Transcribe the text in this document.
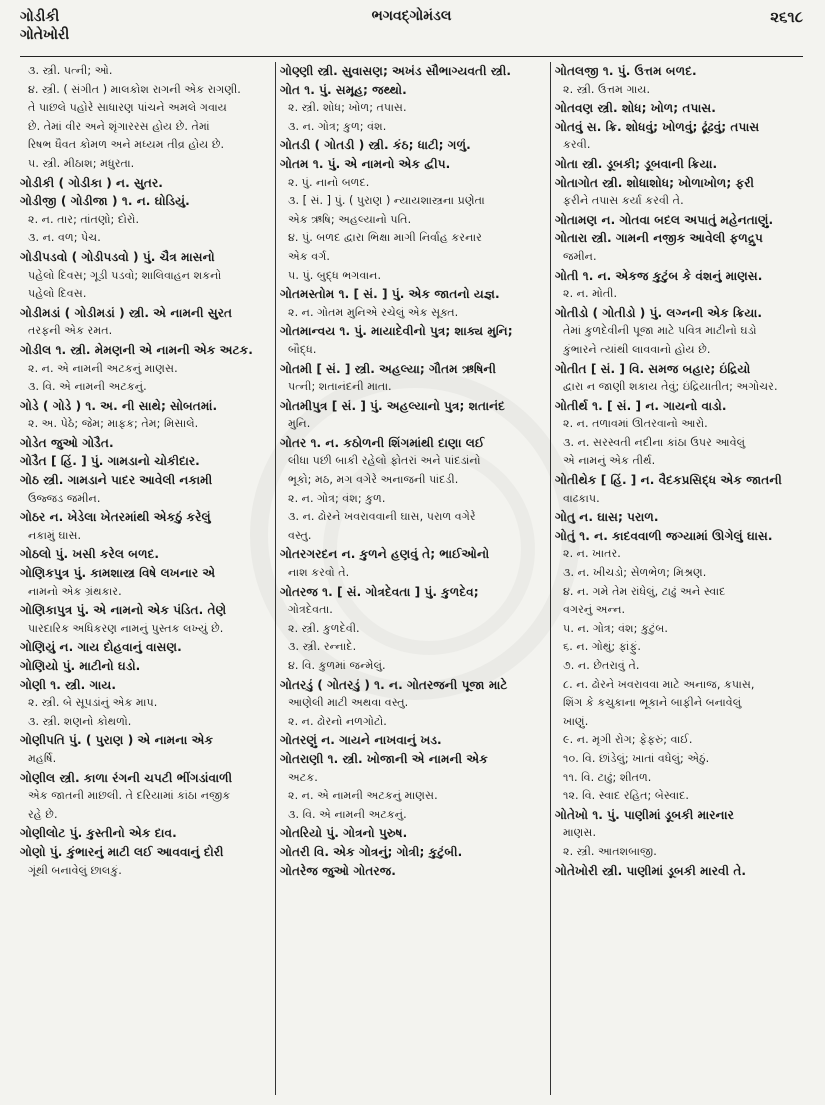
ગોડીકી
ગોતેખોરી
ભગવદ્ગોમંડલ	૨૬૧૮
૩. સ્ત્રી. પત્ની; ઓ.
૪. સ્ત્રી. ( સંગીત ) માલકોશ રાગની એક રાગણી.
તે પાછલે પહોરે સાધારણ પાંચને અમલે ગવાય
છે. તેમાં વીર અને શૃંગારરસ હોય છે. તેમાં
રિષભ ધૈવત કોમળ અને મધ્યમ તીવ્ર હોય છે.
૫. સ્ત્રી. મીઠાશ; મધુરતા.
ગોડીકી ( ગોડીકા ) ન. સુતર.
ગોડીજી ( ગોડીજા ) ૧. ન. ઘોડિયું.
૨. ન. તાર; તાંતણો; દોરો.
૩. ન. વળ; પેચ.
ગોડીપડવો ( ગોડીપડવો ) પું. ચૈત્ર માસનો
પહેલો દિવસ; ગૂડી પડવો; શાલિવાહન શકનો
પહેલો દિવસ.
ગોડીમડાં ( ગોડીમડાં ) સ્ત્રી. એ નામની સુરત
તરફની એક રમત.
ગોડીલ ૧. સ્ત્રી. મેમણની એ નામની એક અટક.
૨. ન. એ નામની અટકનું માણસ.
૩. વિ. એ નામની અટકનું.
ગોડે ( ગોડે ) ૧. અ. ની સાથે; સોબતમાં.
૨. અ. પેઠે; જેમ; માફક; તેમ; મિસાલે.
ગોડેત જુઓ ગોડૈત.
ગોડૈત [ હિં. ] પું. ગામડાનો ચોકીદાર.
ગોઠ સ્ત્રી. ગામડાને પાદર આવેલી નકામી
ઉજ્જડ જમીન.
ગોઠર ન. ખેડેલા ખેતરમાંથી એકઠું કરેલું
નકામું ઘાસ.
ગોઠલો પું. ખસી કરેલ બળદ.
ગોણિકપુત્ર પું. કામશાસ્ત્ર વિષે લખનાર એ
નામનો એક ગ્રંથકાર.
ગોણિકાપુત્ર પું. એ નામનો એક પંડિત. તેણે
પારદારિક અધિકરણ નામનું પુસ્તક લખ્યું છે.
ગોણિયું ન. ગાય દોહવાનું વાસણ.
ગોણિયો પું. માટીનો ઘડો.
ગોણી ૧. સ્ત્રી. ગાય.
૨. સ્ત્રી. બે સૂપડાંનું એક માપ.
૩. સ્ત્રી. શણનો કોથળો.
ગોણીપતિ પું. ( પુરાણ ) એ નામના એક
મહર્ષિ.
ગોણીલ સ્ત્રી. કાળા રંગની ચપટી ભીંગડાંવાળી
એક જાતની માછલી. તે દરિયામાં કાંઠા નજીક
રહે છે.
ગોણીલોટ પું. કુસ્તીનો એક દાવ.
ગોણો પું. કુંભારનું માટી લઈ આવવાનું દોરી
ગૂંથી બનાવેલું છાલકું.
ગોણ્ણી સ્ત્રી. સુવાસણ; અખંડ સૌભાગ્યવતી સ્ત્રી.
ગોત ૧. પું. સમૂહ; જથ્થો.
૨. સ્ત્રી. શોધ; ખોળ; તપાસ.
૩. ન. ગોત્ર; કુળ; વંશ.
ગોતડી ( ગોતડી ) સ્ત્રી. કંઠ; ધાટી; ગળું.
ગોતમ ૧. પું. એ નામનો એક દ્વીપ.
૨. પું. નાનો બળદ.
૩. [ સં. ] પું. ( પુરાણ ) ન્યાયશાસ્ત્રના પ્રણેતા
એક ઋષિ; અહલ્યાનો પતિ.
૪. પું. બળદ દ્વારા ભિક્ષા માગી નિર્વાહ કરનાર
એક વર્ગ.
૫. પું. બુદ્ધ ભગવાન.
ગોતમસ્તોમ ૧. [ સં. ] પું. એક જાતનો યજ્ઞ.
૨. ન. ગોતમ મુનિએ રચેલું એક સૂક્ત.
ગોતમાન્વય ૧. પું. માયાદેવીનો પુત્ર; શાક્ય મુનિ;
બૌદ્ધ.
ગોતમી [ સં. ] સ્ત્રી. અહલ્યા; ગૌતમ ઋષિની
પત્ની; શતાનંદની માતા.
ગોતમીપુત્ર [ સં. ] પું. અહલ્યાનો પુત્ર; શતાનંદ
મુનિ.
ગોતર ૧. ન. કઠોળની શિંગમાંથી દાણા લઈ
લીધા પછી બાકી રહેલો ફોતરાં અને પાંદડાંનો
ભૂકો; મઠ, મગ વગેરે અનાજની પાંદડી.
૨. ન. ગોત્ર; વંશ; કુળ.
૩. ન. ઢોરને ખવરાવવાની ઘાસ, પરાળ વગેરે
વસ્તુ.
ગોતરગરદન ન. કુળને હણવું તે; ભાઈઓનો
નાશ કરવો તે.
ગોતરજ ૧. [ સં. ગોત્રદેવતા ] પું. કુળદેવ;
ગોત્રદેવતા.
૨. સ્ત્રી. કુળદેવી.
૩. સ્ત્રી. રન્નાદે.
૪. વિ. કુળમાં જન્મેલું.
ગોતરડું ( ગોતરડું ) ૧. ન. ગોતરજની પૂજા માટે
આણેલી માટી અથવા વસ્તુ.
૨. ન. ઢોરનો નળગોટો.
ગોતરણું ન. ગાયને નાખવાનું ખડ.
ગોતરાણી ૧. સ્ત્રી. ખોજાની એ નામની એક
અટક.
૨. ન. એ નામની અટકનું માણસ.
૩. વિ. એ નામની અટકનું.
ગોતરિયો પું. ગોત્રનો પુરુષ.
ગોતરી વિ. એક ગોત્રનું; ગોત્રી; કુટુંબી.
ગોતરેજ જુઓ ગોતરજ.
ગોતલજી ૧. પું. ઉત્તમ બળદ.
૨. સ્ત્રી. ઉત્તમ ગાય.
ગોતવણ સ્ત્રી. શોધ; ખોળ; તપાસ.
ગોતવું સ. ક્રિ. શોધવું; ખોળવું; ઢૂંઢવું; તપાસ
કરવી.
ગોતા સ્ત્રી. ડૂબકી; ડૂબવાની ક્રિયા.
ગોતાગોત સ્ત્રી. શોધાશોધ; ખોળાખોળ; ફરી
ફરીને તપાસ કર્યા કરવી તે.
ગોતામણ ન. ગોતવા બદલ અપાતું મહેનતાણું.
ગોતારા સ્ત્રી. ગામની નજીક આવેલી ફળદ્રુપ
જમીન.
ગોતી ૧. ન. એકજ કુટુંબ કે વંશનું માણસ.
૨. ન. મોતી.
ગોતીડો ( ગોતીડો ) પું. લગ્નની એક ક્રિયા.
તેમાં કુળદેવીની પૂજા માટે પવિત્ર માટીનો ઘડો
કુંભારને ત્યાંથી લાવવાનો હોય છે.
ગોતીત [ સં. ] વિ. સમજ બહાર; ઇંદ્રિયો
દ્વારા ન જાણી શકાય તેવું; ઇંદ્રિયાતીત; અગોચર.
ગોતીર્થ ૧. [ સં. ] ન. ગાયનો વાડો.
૨. ન. તળાવમાં ઊતરવાનો આરો.
૩. ન. સરસ્વતી નદીના કાંઠા ઉપર આવેલું
એ નામનું એક તીર્થ.
ગોતીથેક [ હિં. ] ન. વૈદકપ્રસિદ્ધ એક જાતની
વાઢકાપ.
ગોતુ ન. ઘાસ; પરાળ.
ગોતું ૧. ન. કાદવવાળી જગ્યામાં ઊગેલું ઘાસ.
૨. ન. ખાતર.
૩. ન. ખીચડો; સેળભેળ; મિશ્રણ.
૪. ન. ગમે તેમ રાંધેલું, ટાઢું અને સ્વાદ
વગરનું અન્ન.
૫. ન. ગોત્ર; વંશ; કુટુંબ.
૬. ન. ગોથું; ફાંફું.
૭. ન. છેતરાવું તે.
૮. ન. ઢોરને ખવરાવવા માટે અનાજ, કપાસ,
શિંગ કે કચુકાના ભૂકાને બાફીને બનાવેલું
ખાણું.
૯. ન. મૃગી રોગ; ફેફરું; વાઈ.
૧૦. વિ. છાંડેલું; ખાતાં વધેલું; એઠું.
૧૧. વિ. ટાઢું; શીતળ.
૧૨. વિ. સ્વાદ રહિત; બેસ્વાદ.
ગોતેખો ૧. પું. પાણીમાં ડૂબકી મારનાર
માણસ.
૨. સ્ત્રી. આતશબાજી.
ગોતેખોરી સ્ત્રી. પાણીમાં ડૂબકી મારવી તે.
